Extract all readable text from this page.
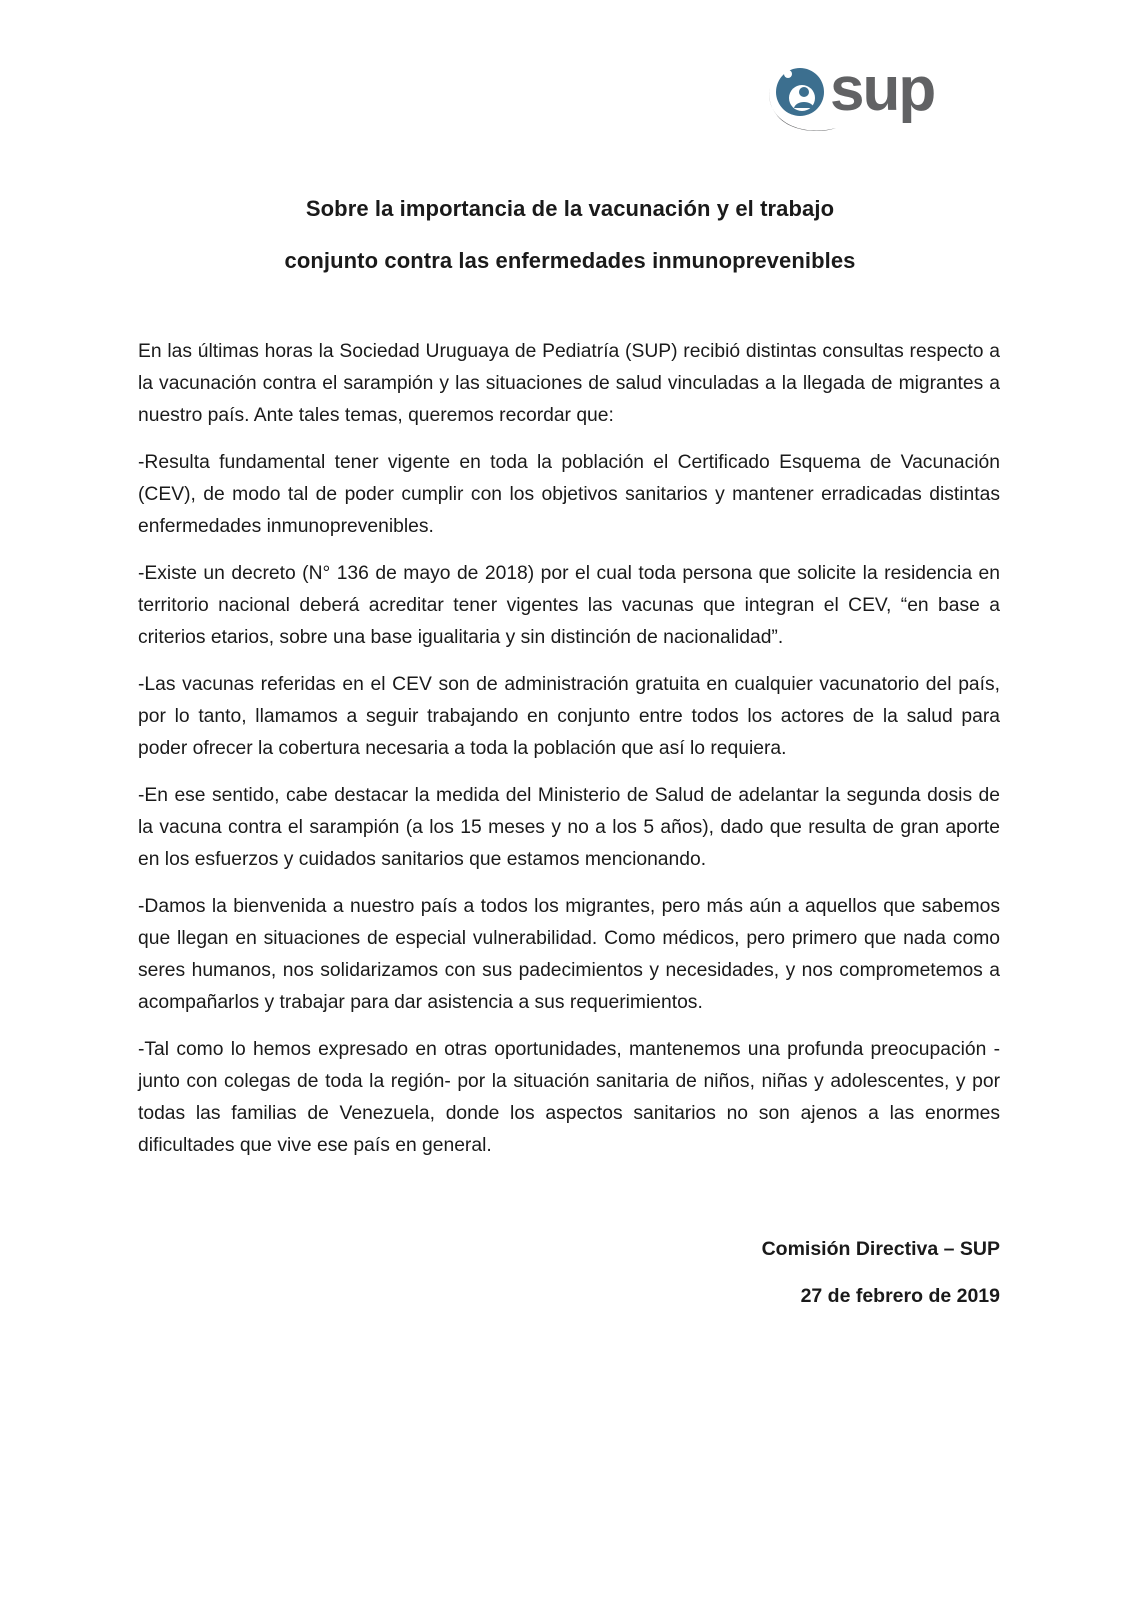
sup
Sobre la importancia de la vacunación y el trabajo
conjunto contra las enfermedades inmunoprevenibles

En las últimas horas la Sociedad Uruguaya de Pediatría (SUP) recibió distintas consultas respecto a la vacunación contra el sarampión y las situaciones de salud vinculadas a la llegada de migrantes a nuestro país. Ante tales temas, queremos recordar que:

-Resulta fundamental tener vigente en toda la población el Certificado Esquema de Vacunación (CEV), de modo tal de poder cumplir con los objetivos sanitarios y mantener erradicadas distintas enfermedades inmunoprevenibles.

-Existe un decreto (N° 136 de mayo de 2018) por el cual toda persona que solicite la residencia en territorio nacional deberá acreditar tener vigentes las vacunas que integran el CEV, “en base a criterios etarios, sobre una base igualitaria y sin distinción de nacionalidad”.

-Las vacunas referidas en el CEV son de administración gratuita en cualquier vacunatorio del país, por lo tanto, llamamos a seguir trabajando en conjunto entre todos los actores de la salud para poder ofrecer la cobertura necesaria a toda la población que así lo requiera.

-En ese sentido, cabe destacar la medida del Ministerio de Salud de adelantar la segunda dosis de la vacuna contra el sarampión (a los 15 meses y no a los 5 años), dado que resulta de gran aporte en los esfuerzos y cuidados sanitarios que estamos mencionando.

-Damos la bienvenida a nuestro país a todos los migrantes, pero más aún a aquellos que sabemos que llegan en situaciones de especial vulnerabilidad. Como médicos, pero primero que nada como seres humanos, nos solidarizamos con sus padecimientos y necesidades, y nos comprometemos a acompañarlos y trabajar para dar asistencia a sus requerimientos.

-Tal como lo hemos expresado en otras oportunidades, mantenemos una profunda preocupación -junto con colegas de toda la región- por la situación sanitaria de niños, niñas y adolescentes, y por todas las familias de Venezuela, donde los aspectos sanitarios no son ajenos a las enormes dificultades que vive ese país en general.

Comisión Directiva – SUP
27 de febrero de 2019
